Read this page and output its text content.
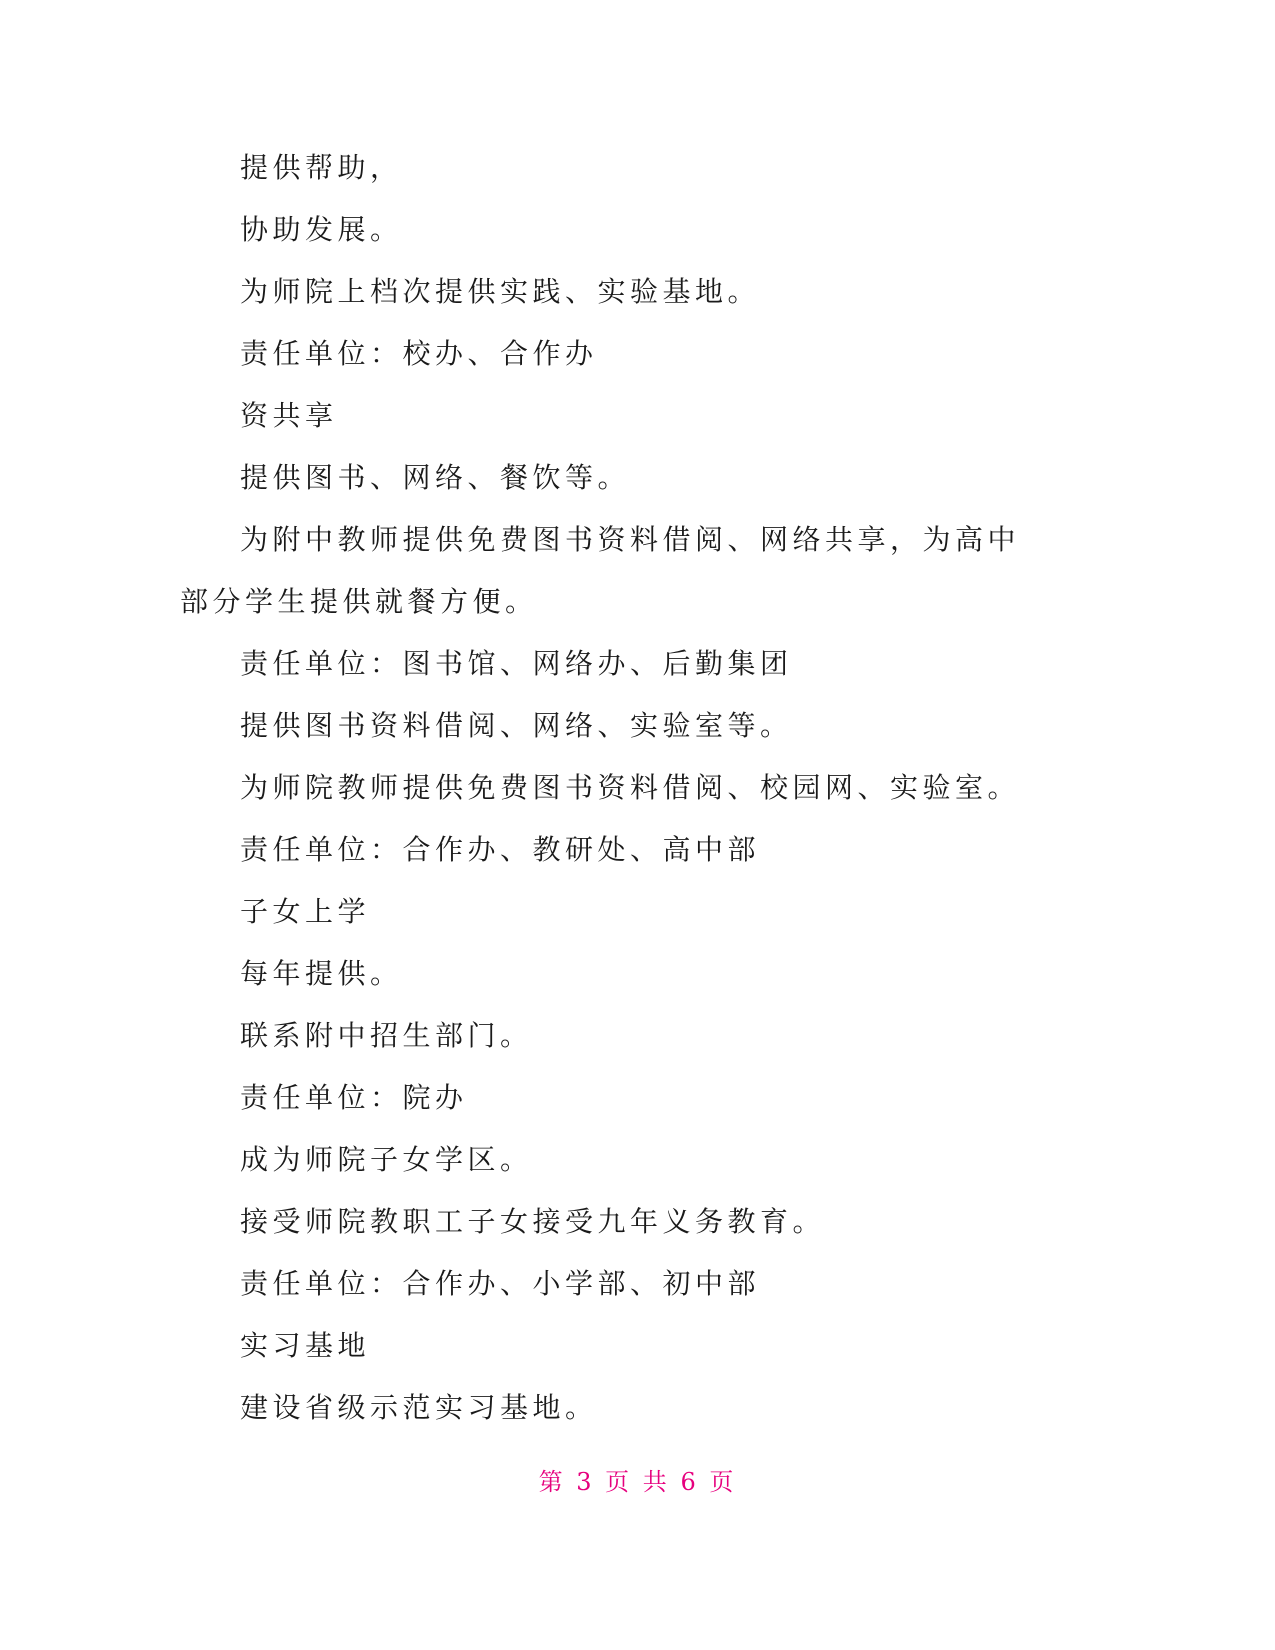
提供帮助，

协助发展。

为师院上档次提供实践、实验基地。

责任单位：校办、合作办

资共享

提供图书、网络、餐饮等。

为附中教师提供免费图书资料借阅、网络共享，为高中部分学生提供就餐方便。

责任单位：图书馆、网络办、后勤集团

提供图书资料借阅、网络、实验室等。

为师院教师提供免费图书资料借阅、校园网、实验室。

责任单位：合作办、教研处、高中部

子女上学

每年提供。

联系附中招生部门。

责任单位：院办

成为师院子女学区。

接受师院教职工子女接受九年义务教育。

责任单位：合作办、小学部、初中部

实习基地

建设省级示范实习基地。

第 3 页 共 6 页
